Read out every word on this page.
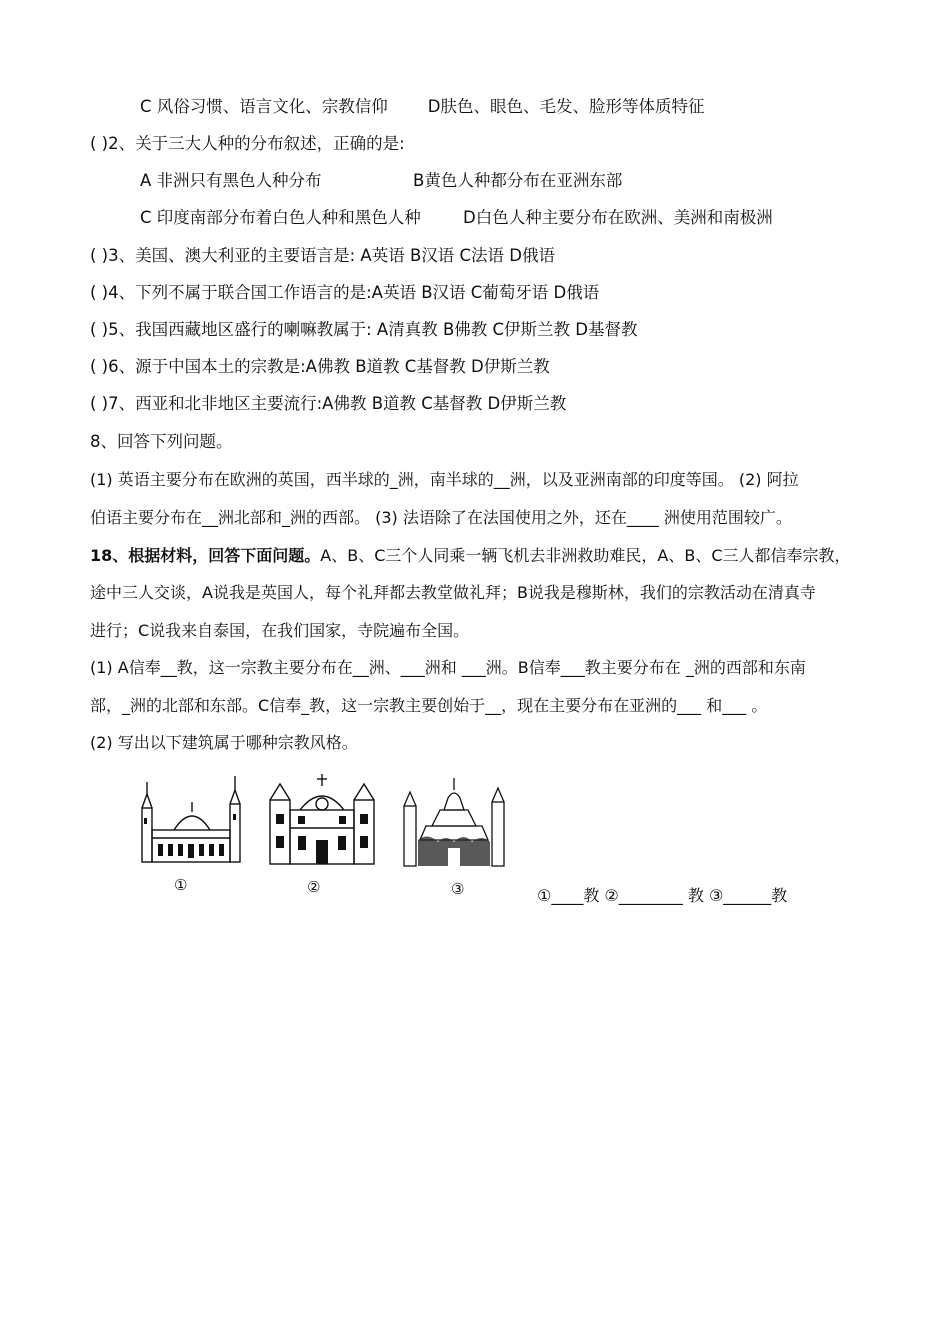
C 风俗习惯、语言文化、宗教信仰 D肤色、眼色、毛发、脸形等体质特征
( )2、关于三大人种的分布叙述，正确的是:
A 非洲只有黑色人种分布	B黄色人种都分布在亚洲东部
C 印度南部分布着白色人种和黑色人种	D白色人种主要分布在欧洲、美洲和南极洲
( )3、美国、澳大利亚的主要语言是: A英语 B汉语 C法语 D俄语
( )4、下列不属于联合国工作语言的是:A英语 B汉语 C葡萄牙语 D俄语
( )5、我国西藏地区盛行的喇嘛教属于: A清真教 B佛教 C伊斯兰教 D基督教
( )6、源于中国本土的宗教是:A佛教 B道教 C基督教 D伊斯兰教
( )7、西亚和北非地区主要流行:A佛教 B道教 C基督教 D伊斯兰教
8、回答下列问题。
(1) 英语主要分布在欧洲的英国，西半球的_洲，南半球的__洲，以及亚洲南部的印度等国。 (2) 阿拉
伯语主要分布在__洲北部和_洲的西部。 (3) 法语除了在法国使用之外，还在____ 洲使用范围较广。
18、根据材料，回答下面问题。A、B、C三个人同乘一辆飞机去非洲救助难民，A、B、C三人都信奉宗教，
途中三人交谈，A说我是英国人，每个礼拜都去教堂做礼拜；B说我是穆斯林，我们的宗教活动在清真寺
进行；C说我来自泰国，在我们国家，寺院遍布全国。
(1) A信奉__教，这一宗教主要分布在__洲、___洲和 ___洲。B信奉___教主要分布在 _洲的西部和东南
部，_洲的北部和东部。C信奉_教，这一宗教主要创始于__，现在主要分布在亚洲的___ 和___ 。
(2) 写出以下建筑属于哪种宗教风格。
①	②	③	①____教 ②________ 教 ③______教
